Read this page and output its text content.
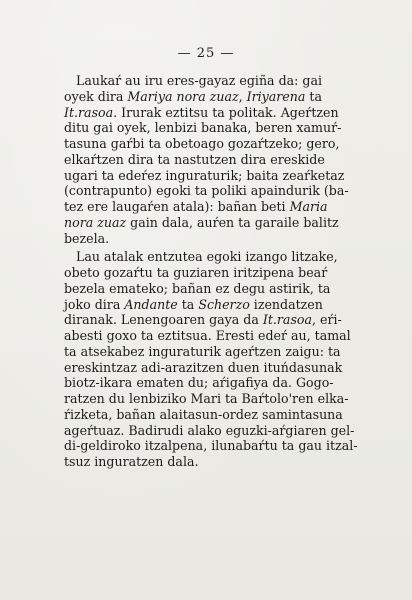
— 25 —
Laukaŕ au iru eres-gayaz egiña da: gai
oyek dira Mariya nora zuaz, Iriyarena ta
It.rasoa. Irurak eztitsu ta politak. Ageŕtzen
ditu gai oyek, lenbizi banaka, beren xamuŕ-
tasuna gaŕbi ta obetoago gozaŕtzeko; gero,
elkaŕtzen dira ta nastutzen dira ereskide
ugari ta edeŕez inguraturik; baita zeaŕketaz
(contrapunto) egoki ta poliki apaindurik (ba-
tez ere laugaŕen atala): bañan beti Maria
nora zuaz gain dala, auŕen ta garaile balitz
bezela.
Lau atalak entzutea egoki izango litzake,
obeto gozaŕtu ta guziaren iritzipena beaŕ
bezela emateko; bañan ez degu astirik, ta
joko dira Andante ta Scherzo izendatzen
diranak. Lenengoaren gaya da It.rasoa, eŕi-
abesti goxo ta eztitsua. Eresti edeŕ au, tamal
ta atsekabez inguraturik ageŕtzen zaigu: ta
ereskintzaz adi-arazitzen duen ituńdasunak
biotz-ikara ematen du; aŕigafiya da. Gogo-
ratzen du lenbiziko Mari ta Baŕtolo'ren elka-
ŕizketa, bañan alaitasun-ordez samintasuna
ageŕtuaz. Badirudi alako eguzki-aŕgiaren gel-
di-geldiroko itzalpena, ilunabaŕtu ta gau itzal-
tsuz inguratzen dala.
